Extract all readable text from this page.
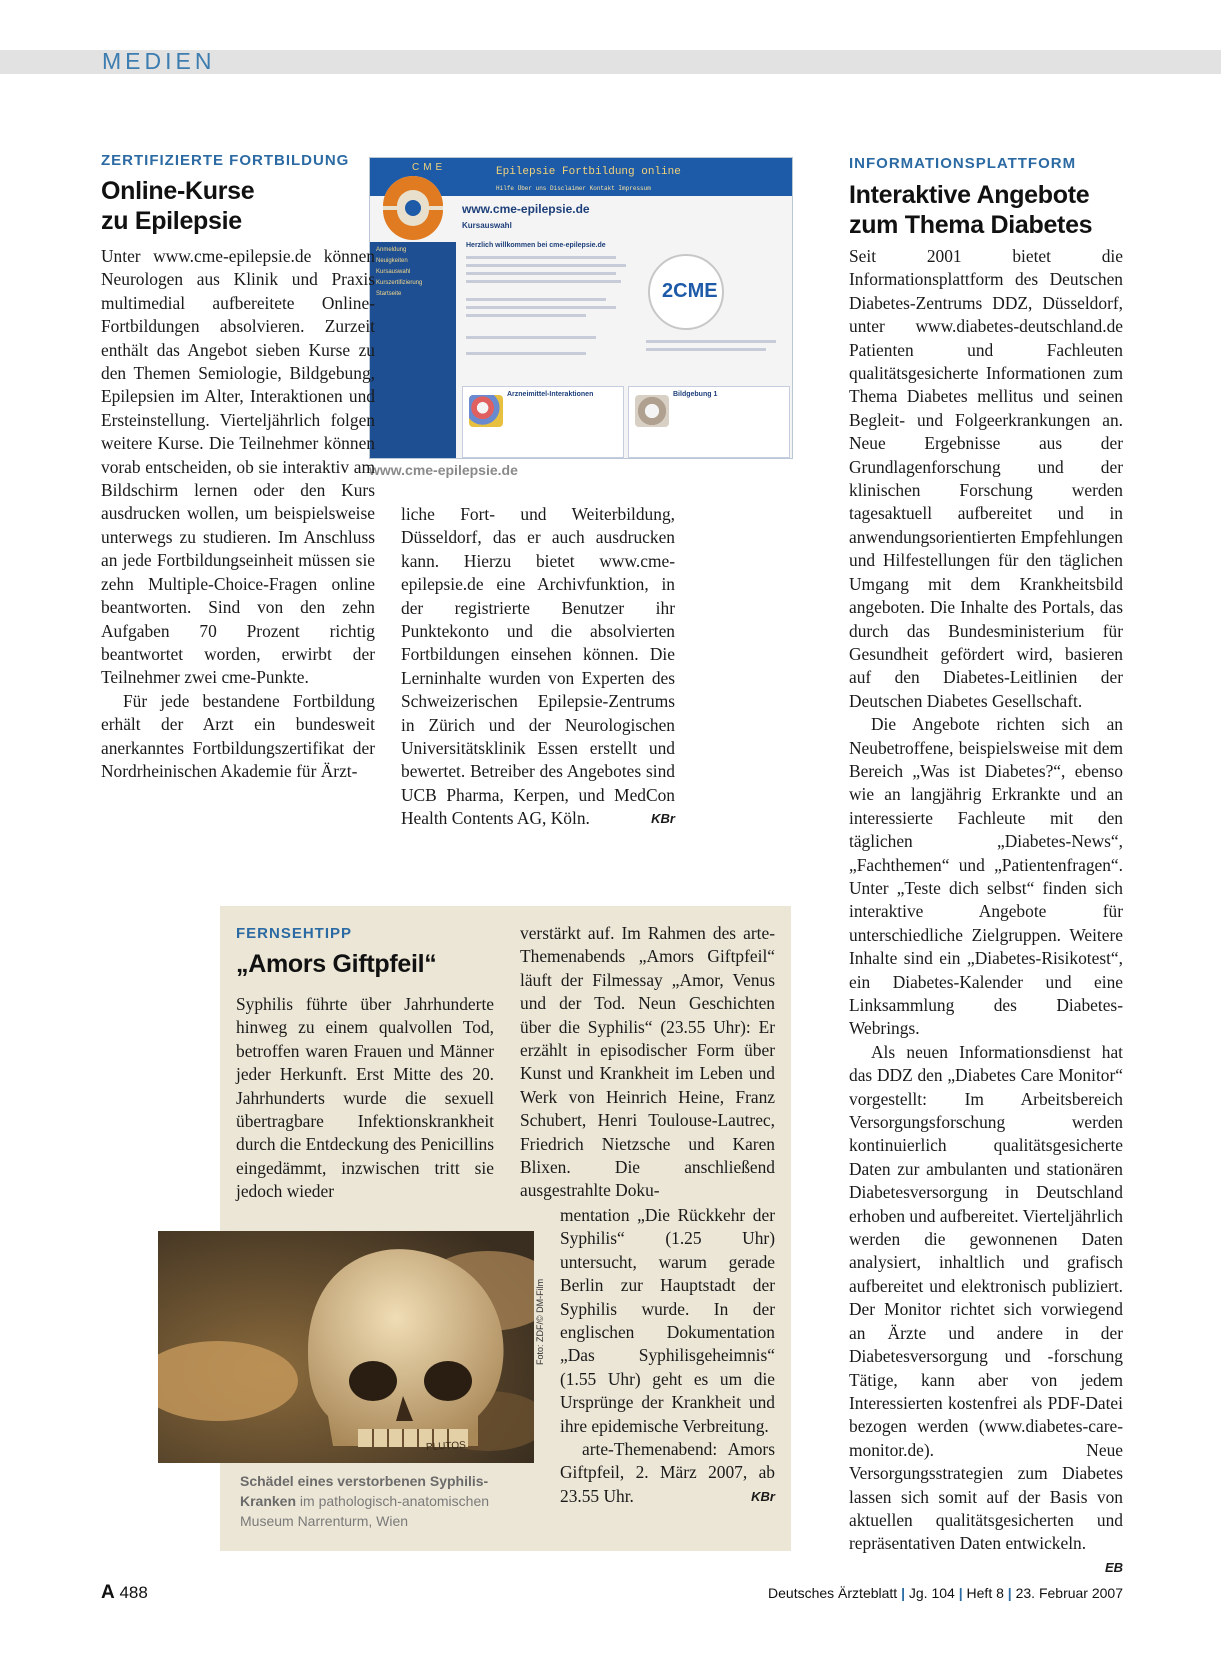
MEDIEN
ZERTIFIZIERTE FORTBILDUNG
Online-Kurse
zu Epilepsie
CME	Epilepsie Fortbildung online
Hilfe Über uns Disclaimer Kontakt Impressum
Anmeldung
Neuigkeiten
Kursauswahl
Kurszertifizierung
Startseite
www.cme-epilepsie.de
Kursauswahl
Herzlich willkommen bei cme-epilepsie.de
2CME
Arzneimittel-Interaktionen	Bildgebung 1
www.cme-epilepsie.de

Unter www.cme-epilepsie.de können Neurologen aus Klinik und Praxis multimedial aufbereitete Online-Fortbildungen absolvieren. Zurzeit enthält das Angebot sieben Kurse zu den Themen Semiologie, Bildgebung, Epilepsien im Alter, Interaktionen und Ersteinstellung. Vierteljährlich folgen weitere Kurse. Die Teilnehmer können vorab entscheiden, ob sie interaktiv am Bildschirm lernen oder den Kurs ausdrucken wollen, um beispielsweise unterwegs zu studieren. Im Anschluss an jede Fortbildungseinheit müssen sie zehn Multiple-Choice-Fragen online beantworten. Sind von den zehn Aufgaben 70 Prozent richtig beantwortet worden, erwirbt der Teilnehmer zwei cme-Punkte.

Für jede bestandene Fortbildung erhält der Arzt ein bundesweit anerkanntes Fortbildungszertifikat der Nordrheinischen Akademie für Ärzt-

liche Fort- und Weiterbildung, Düsseldorf, das er auch ausdrucken kann. Hierzu bietet www.cme-epilepsie.de eine Archivfunktion, in der registrierte Benutzer ihr Punktekonto und die absolvierten Fortbildungen einsehen können. Die Lerninhalte wurden von Experten des Schweizerischen Epilepsie-Zentrums in Zürich und der Neurologischen Universitätsklinik Essen erstellt und bewertet. Betreiber des Angebotes sind UCB Pharma, Kerpen, und MedCon Health Contents AG, Köln.	KBr

INFORMATIONSPLATTFORM
Interaktive Angebote
zum Thema Diabetes

Seit 2001 bietet die Informationsplattform des Deutschen Diabetes-Zentrums DDZ, Düsseldorf, unter www.diabetes-deutschland.de Patienten und Fachleuten qualitätsgesicherte Informationen zum Thema Diabetes mellitus und seinen Begleit- und Folgeerkrankungen an. Neue Ergebnisse aus der Grundlagenforschung und der klinischen Forschung werden tagesaktuell aufbereitet und in anwendungsorientierten Empfehlungen und Hilfestellungen für den täglichen Umgang mit dem Krankheitsbild angeboten. Die Inhalte des Portals, das durch das Bundesministerium für Gesundheit gefördert wird, basieren auf den Diabetes-Leitlinien der Deutschen Diabetes Gesellschaft.

Die Angebote richten sich an Neubetroffene, beispielsweise mit dem Bereich „Was ist Diabetes?“, ebenso wie an langjährig Erkrankte und an interessierte Fachleute mit den täglichen „Diabetes-News“, „Fachthemen“ und „Patientenfragen“. Unter „Teste dich selbst“ finden sich interaktive Angebote für unterschiedliche Zielgruppen. Weitere Inhalte sind ein „Diabetes-Risikotest“, ein Diabetes-Kalender und eine Linksammlung des Diabetes-Webrings.

Als neuen Informationsdienst hat das DDZ den „Diabetes Care Monitor“ vorgestellt: Im Arbeitsbereich Versorgungsforschung werden kontinuierlich qualitätsgesicherte Daten zur ambulanten und stationären Diabetesversorgung in Deutschland erhoben und aufbereitet. Vierteljährlich werden die gewonnenen Daten analysiert, inhaltlich und grafisch aufbereitet und elektronisch publiziert. Der Monitor richtet sich vorwiegend an Ärzte und andere in der Diabetesversorgung und -forschung Tätige, kann aber von jedem Interessierten kostenfrei als PDF-Datei bezogen werden (www.diabetes-care-monitor.de). Neue Versorgungsstrategien zum Diabetes lassen sich somit auf der Basis von aktuellen qualitätsgesicherten und repräsentativen Daten entwickeln.
EB

FERNSEHTIPP
„Amors Giftpfeil“

Syphilis führte über Jahrhunderte hinweg zu einem qualvollen Tod, betroffen waren Frauen und Männer jeder Herkunft. Erst Mitte des 20. Jahrhunderts wurde die sexuell übertragbare Infektionskrankheit durch die Entdeckung des Penicillins eingedämmt, inzwischen tritt sie jedoch wieder

verstärkt auf. Im Rahmen des arte-Themenabends „Amors Giftpfeil“ läuft der Filmessay „Amor, Venus und der Tod. Neun Geschichten über die Syphilis“ (23.55 Uhr): Er erzählt in episodischer Form über Kunst und Krankheit im Leben und Werk von Heinrich Heine, Franz Schubert, Henri Toulouse-Lautrec, Friedrich Nietzsche und Karen Blixen. Die anschließend ausgestrahlte Doku-

mentation „Die Rückkehr der Syphilis“ (1.25 Uhr) untersucht, warum gerade Berlin zur Hauptstadt der Syphilis wurde. In der englischen Dokumentation „Das Syphilisgeheimnis“ (1.55 Uhr) geht es um die Ursprünge der Krankheit und ihre epidemische Verbreitung.

arte-Themenabend: Amors Giftpfeil, 2. März 2007, ab 23.55 Uhr.	KBr

PLUTOS
Foto: ZDF/© DM-Film
Schädel eines verstorbenen Syphilis-Kranken im pathologisch-anatomischen Museum Narrenturm, Wien
A 488	Deutsches Ärzteblatt | Jg. 104 | Heft 8 | 23. Februar 2007
